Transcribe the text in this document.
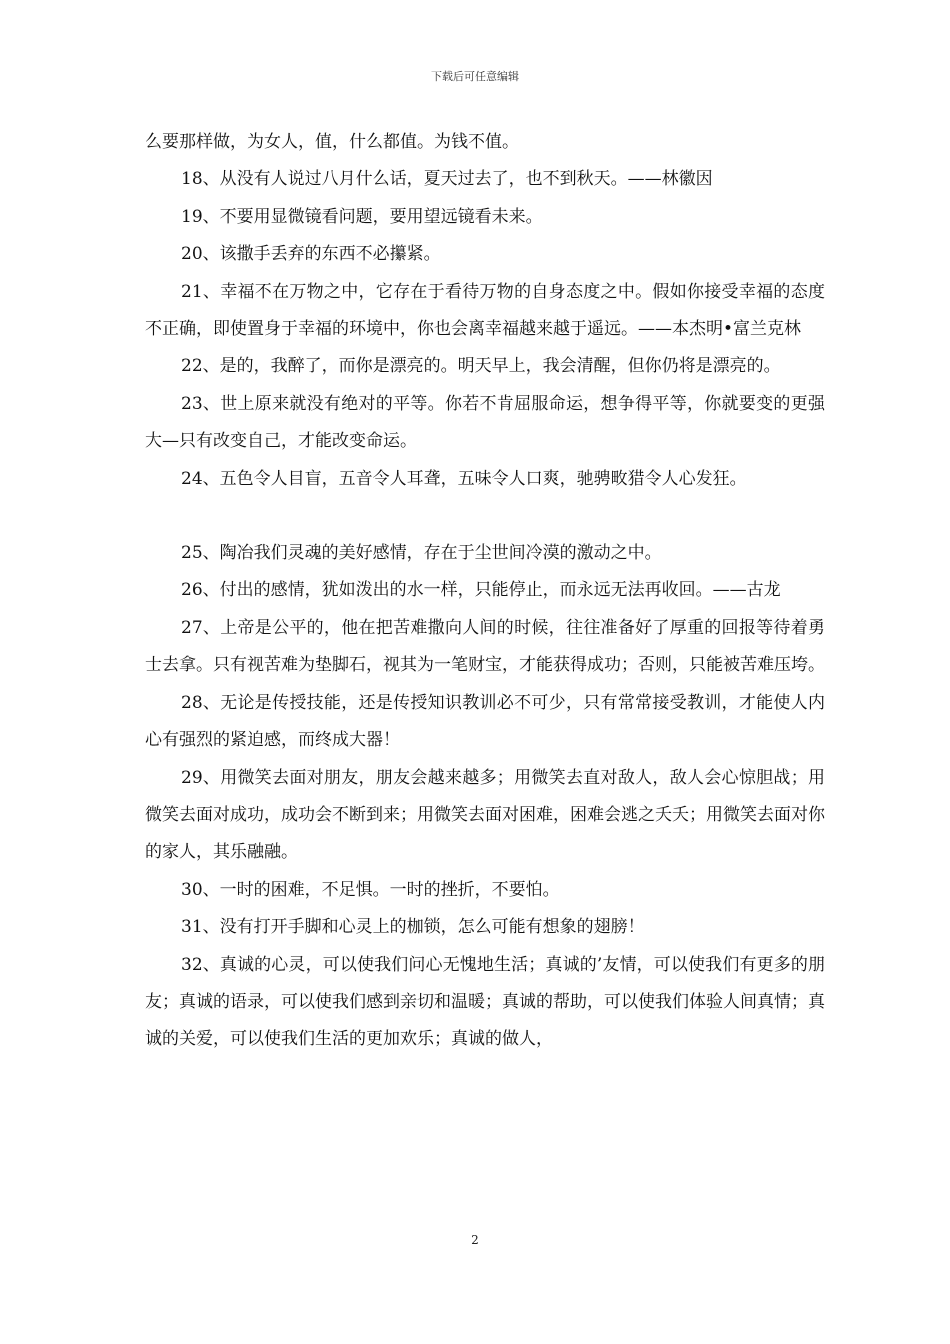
下载后可任意编辑

么要那样做，为女人，值，什么都值。为钱不值。

18、从没有人说过八月什么话，夏天过去了，也不到秋天。——林徽因

19、不要用显微镜看问题，要用望远镜看未来。

20、该撒手丢弃的东西不必攥紧。

21、幸福不在万物之中，它存在于看待万物的自身态度之中。假如你接受幸福的态度不正确，即使置身于幸福的环境中，你也会离幸福越来越于遥远。——本杰明•富兰克林

22、是的，我醉了，而你是漂亮的。明天早上，我会清醒，但你仍将是漂亮的。

23、世上原来就没有绝对的平等。你若不肯屈服命运，想争得平等，你就要变的更强大—只有改变自己，才能改变命运。

24、五色令人目盲，五音令人耳聋，五味令人口爽，驰骋畋猎令人心发狂。

25、陶冶我们灵魂的美好感情，存在于尘世间冷漠的激动之中。

26、付出的感情，犹如泼出的水一样，只能停止，而永远无法再收回。——古龙

27、上帝是公平的，他在把苦难撒向人间的时候，往往准备好了厚重的回报等待着勇士去拿。只有视苦难为垫脚石，视其为一笔财宝，才能获得成功；否则，只能被苦难压垮。

28、无论是传授技能，还是传授知识教训必不可少，只有常常接受教训，才能使人内心有强烈的紧迫感，而终成大器！

29、用微笑去面对朋友，朋友会越来越多；用微笑去直对敌人，敌人会心惊胆战；用微笑去面对成功，成功会不断到来；用微笑去面对困难，困难会逃之夭夭；用微笑去面对你的家人，其乐融融。

30、一时的困难，不足惧。一时的挫折，不要怕。

31、没有打开手脚和心灵上的枷锁，怎么可能有想象的翅膀！

32、真诚的心灵，可以使我们问心无愧地生活；真诚的’友情，可以使我们有更多的朋友；真诚的语录，可以使我们感到亲切和温暖；真诚的帮助，可以使我们体验人间真情；真诚的关爱，可以使我们生活的更加欢乐；真诚的做人，

2
